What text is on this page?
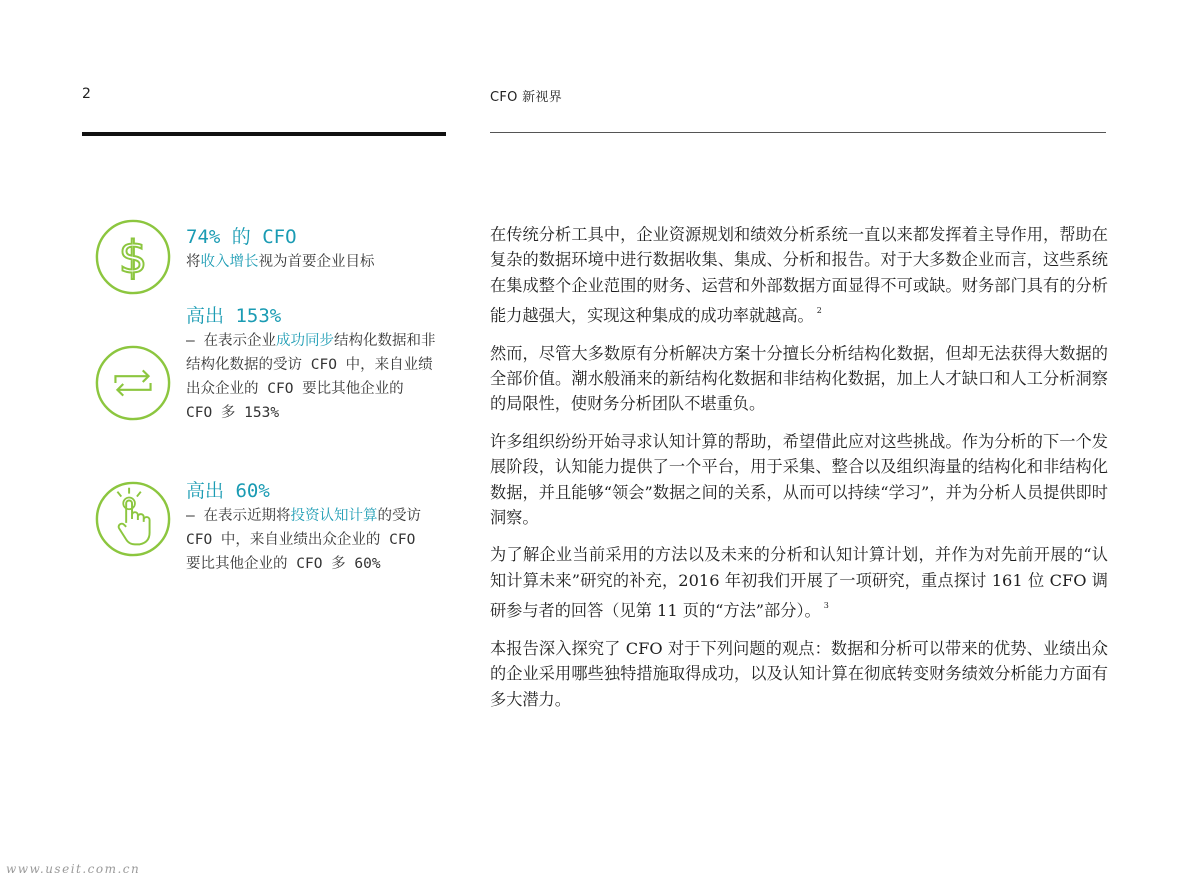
2	CFO 新视界
$ 74% 的 CFO
将收入增长视为首要企业目标
高出 153%
– 在表示企业成功同步结构化数据和非结构化数据的受访 CFO 中，来自业绩出众企业的 CFO 要比其他企业的 CFO 多 153%
高出 60%
– 在表示近期将投资认知计算的受访 CFO 中，来自业绩出众企业的 CFO 要比其他企业的 CFO 多 60%

在传统分析工具中，企业资源规划和绩效分析系统一直以来都发挥着主导作用，帮助在复杂的数据环境中进行数据收集、集成、分析和报告。对于大多数企业而言，这些系统在集成整个企业范围的财务、运营和外部数据方面显得不可或缺。财务部门具有的分析能力越强大，实现这种集成的成功率就越高。 $^2$

然而，尽管大多数原有分析解决方案十分擅长分析结构化数据，但却无法获得大数据的全部价值。潮水般涌来的新结构化数据和非结构化数据，加上人才缺口和人工分析洞察的局限性，使财务分析团队不堪重负。

许多组织纷纷开始寻求认知计算的帮助，希望借此应对这些挑战。作为分析的下一个发展阶段，认知能力提供了一个平台，用于采集、整合以及组织海量的结构化和非结构化数据，并且能够“领会”数据之间的关系，从而可以持续“学习”，并为分析人员提供即时洞察。

为了解企业当前采用的方法以及未来的分析和认知计算计划，并作为对先前开展的“认知计算未来”研究的补充，2016 年初我们开展了一项研究，重点探讨 161 位 CFO 调研参与者的回答（见第 11 页的“方法”部分）。 $^3$

本报告深入探究了 CFO 对于下列问题的观点：数据和分析可以带来的优势、业绩出众的企业采用哪些独特措施取得成功，以及认知计算在彻底转变财务绩效分析能力方面有多大潜力。

www.useit.com.cn
